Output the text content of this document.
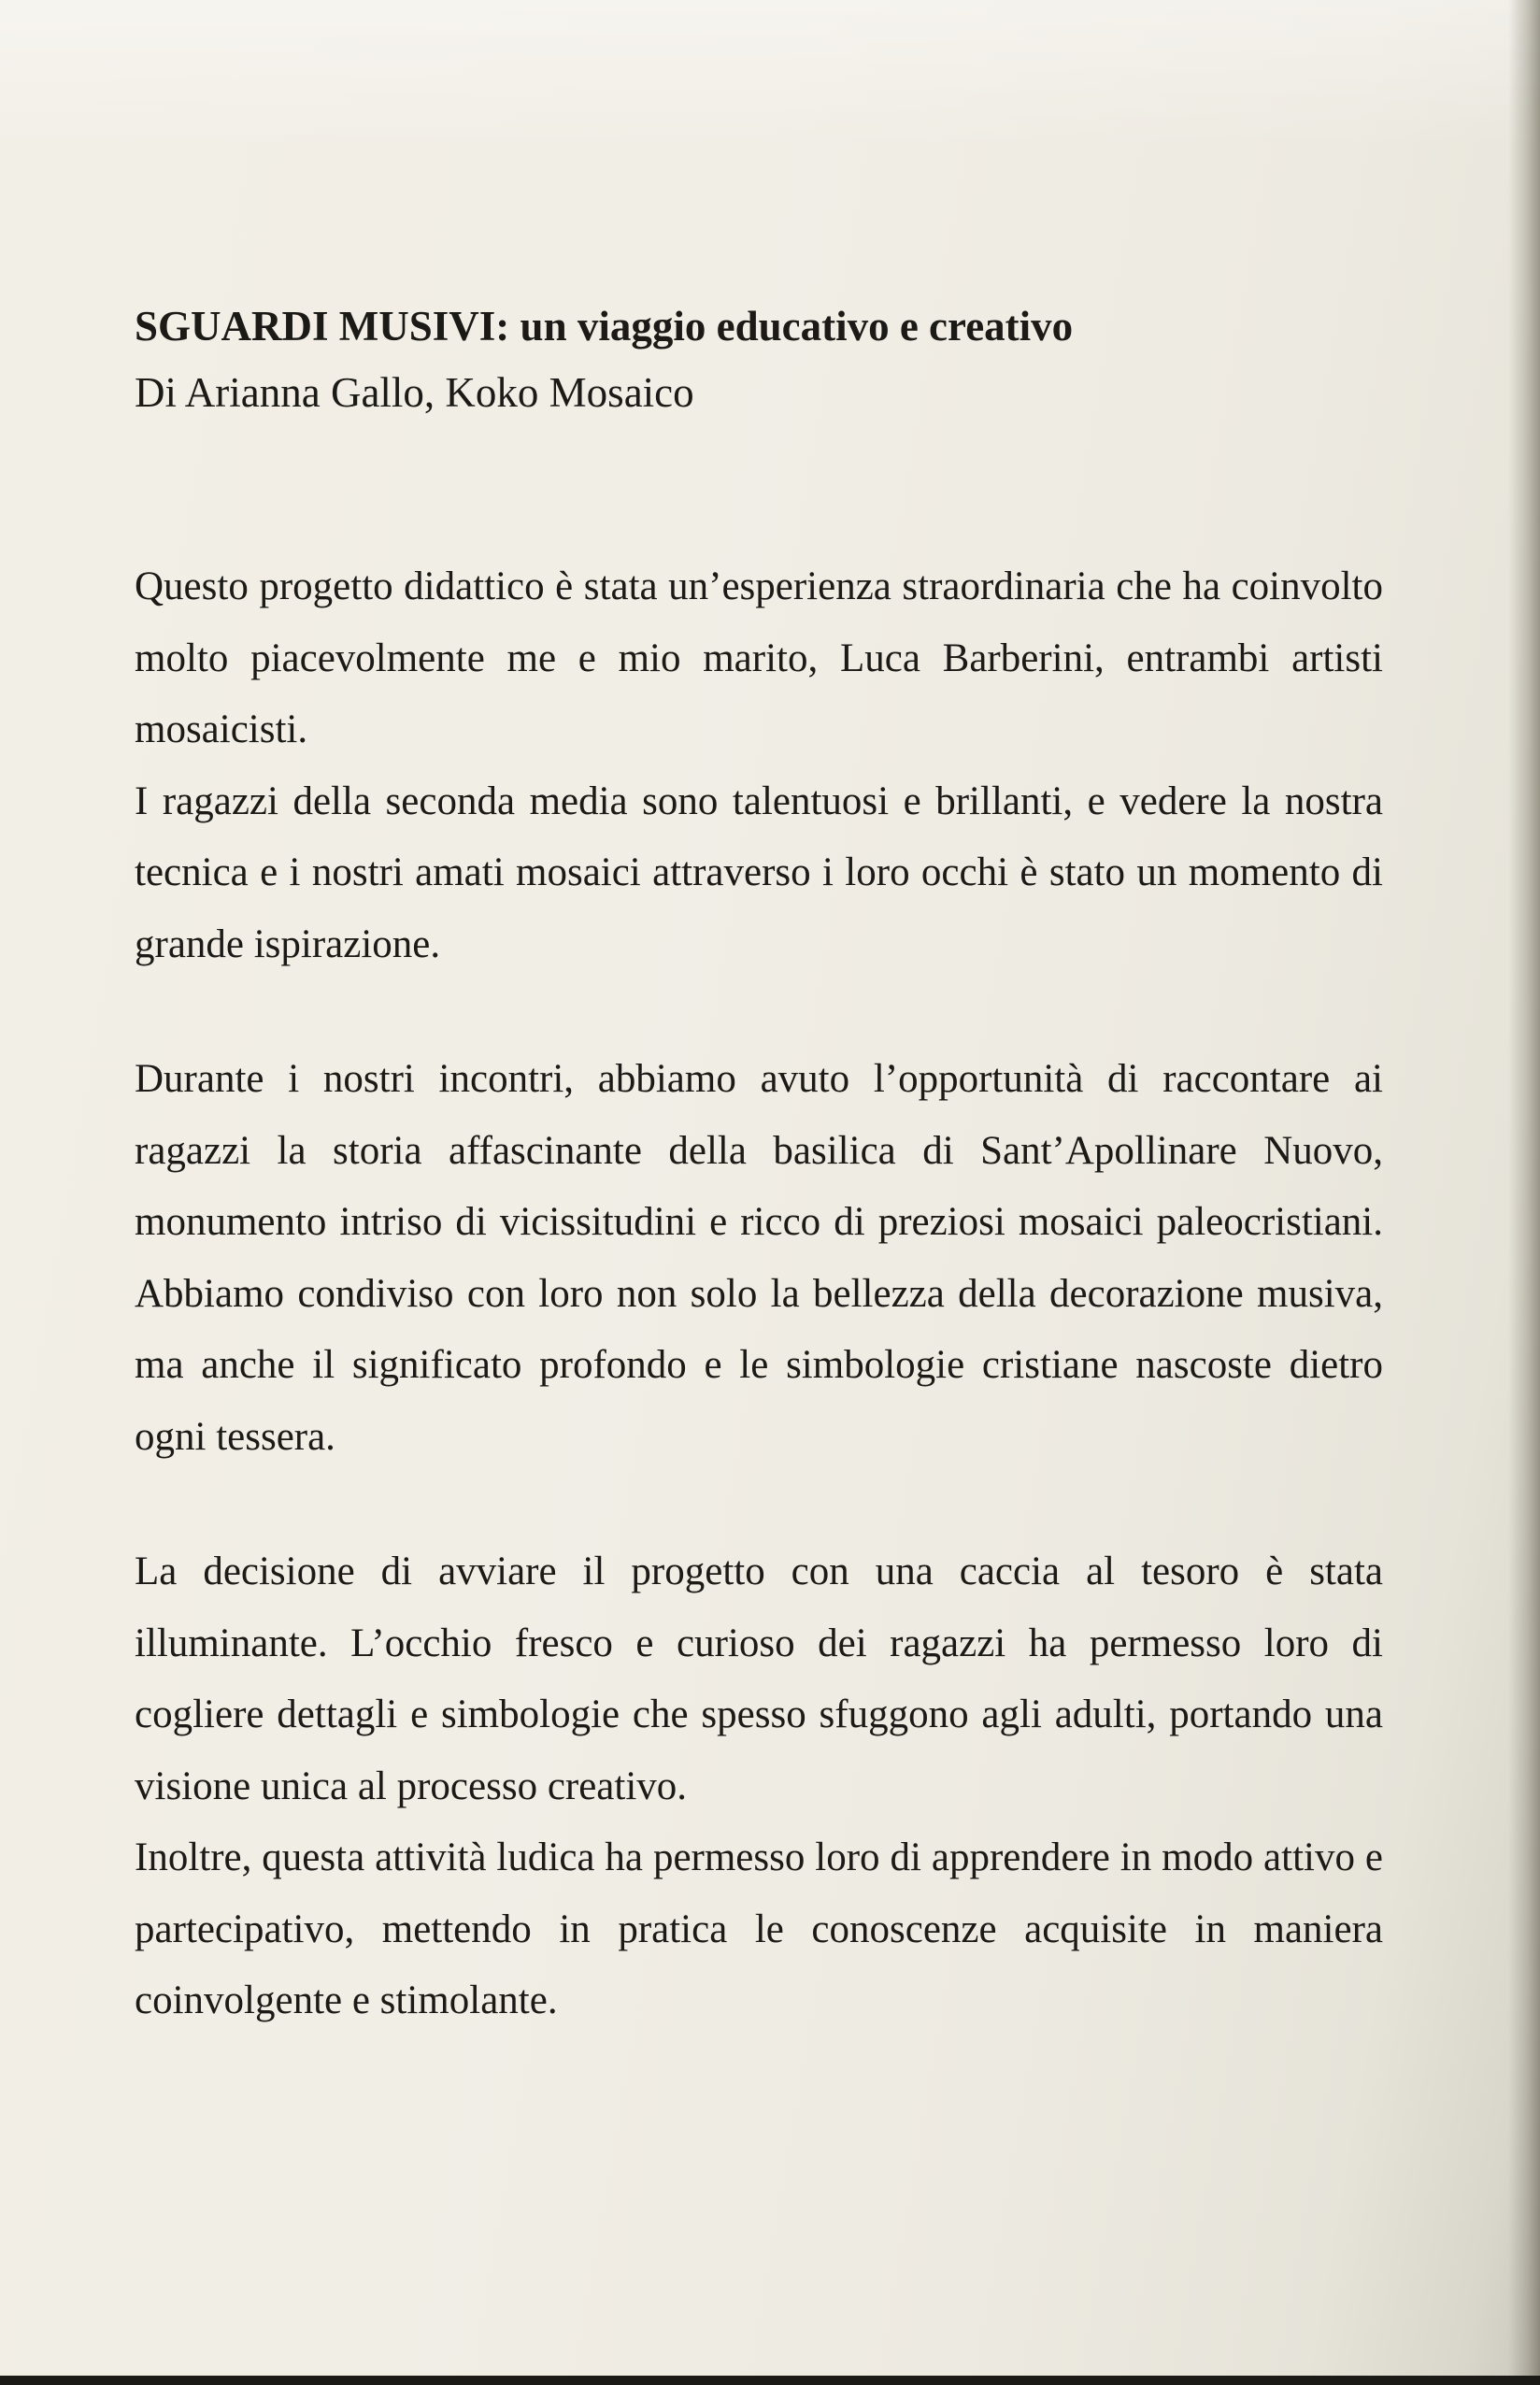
SGUARDI MUSIVI: un viaggio educativo e creativo

Di Arianna Gallo, Koko Mosaico

Questo progetto didattico è stata un’esperienza straordinaria che ha coinvolto molto piacevolmente me e mio marito, Luca Barberini, entrambi artisti mosaicisti.

I ragazzi della seconda media sono talentuosi e brillanti, e vedere la nostra tecnica e i nostri amati mosaici attraverso i loro occhi è stato un momento di grande ispirazione.

Durante i nostri incontri, abbiamo avuto l’opportunità di raccontare ai ragazzi la storia affascinante della basilica di Sant’Apollinare Nuovo, monumento intriso di vicissitudini e ricco di preziosi mosaici paleocristiani. Abbiamo condiviso con loro non solo la bellezza della decorazione musiva, ma anche il significato profondo e le simbologie cristiane nascoste dietro ogni tessera.

La decisione di avviare il progetto con una caccia al tesoro è stata illuminante. L’occhio fresco e curioso dei ragazzi ha permesso loro di cogliere dettagli e simbologie che spesso sfuggono agli adulti, portando una visione unica al processo creativo.

Inoltre, questa attività ludica ha permesso loro di apprendere in modo attivo e partecipativo, mettendo in pratica le conoscenze acquisite in maniera coinvolgente e stimolante.
